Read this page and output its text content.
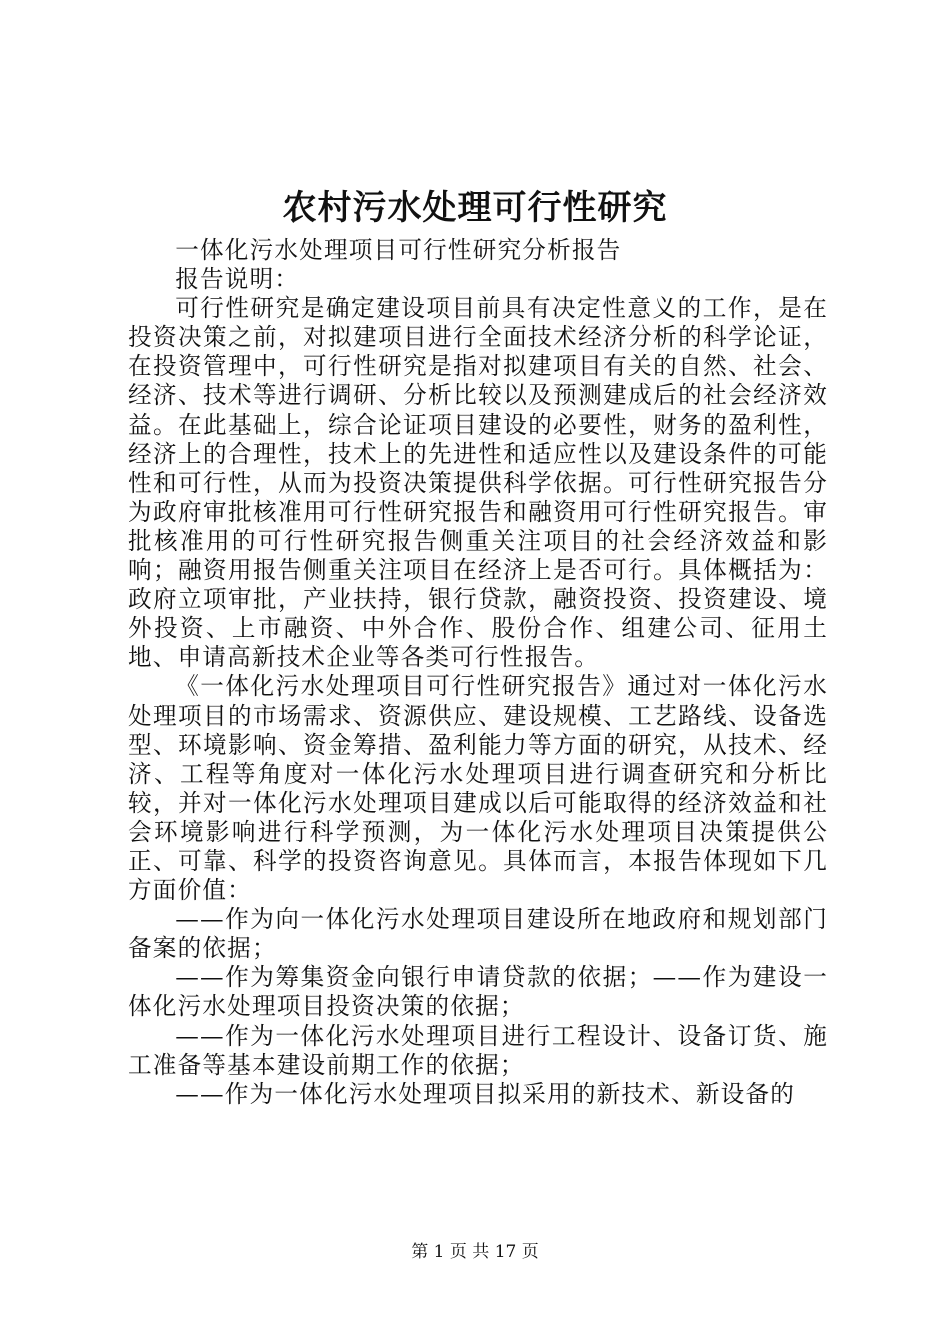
农村污水处理可行性研究

一体化污水处理项目可行性研究分析报告

报告说明：

可行性研究是确定建设项目前具有决定性意义的工作，是在投资决策之前，对拟建项目进行全面技术经济分析的科学论证，在投资管理中，可行性研究是指对拟建项目有关的自然、社会、经济、技术等进行调研、分析比较以及预测建成后的社会经济效益。在此基础上，综合论证项目建设的必要性，财务的盈利性，经济上的合理性，技术上的先进性和适应性以及建设条件的可能性和可行性，从而为投资决策提供科学依据。可行性研究报告分为政府审批核准用可行性研究报告和融资用可行性研究报告。审批核准用的可行性研究报告侧重关注项目的社会经济效益和影响；融资用报告侧重关注项目在经济上是否可行。具体概括为：政府立项审批，产业扶持，银行贷款，融资投资、投资建设、境外投资、上市融资、中外合作、股份合作、组建公司、征用土地、申请高新技术企业等各类可行性报告。

《一体化污水处理项目可行性研究报告》通过对一体化污水处理项目的市场需求、资源供应、建设规模、工艺路线、设备选型、环境影响、资金筹措、盈利能力等方面的研究，从技术、经济、工程等角度对一体化污水处理项目进行调查研究和分析比较，并对一体化污水处理项目建成以后可能取得的经济效益和社会环境影响进行科学预测，为一体化污水处理项目决策提供公正、可靠、科学的投资咨询意见。具体而言，本报告体现如下几方面价值：

——作为向一体化污水处理项目建设所在地政府和规划部门备案的依据；

——作为筹集资金向银行申请贷款的依据；——作为建设一体化污水处理项目投资决策的依据；

——作为一体化污水处理项目进行工程设计、设备订货、施工准备等基本建设前期工作的依据；

——作为一体化污水处理项目拟采用的新技术、新设备的

第 1 页 共 17 页
